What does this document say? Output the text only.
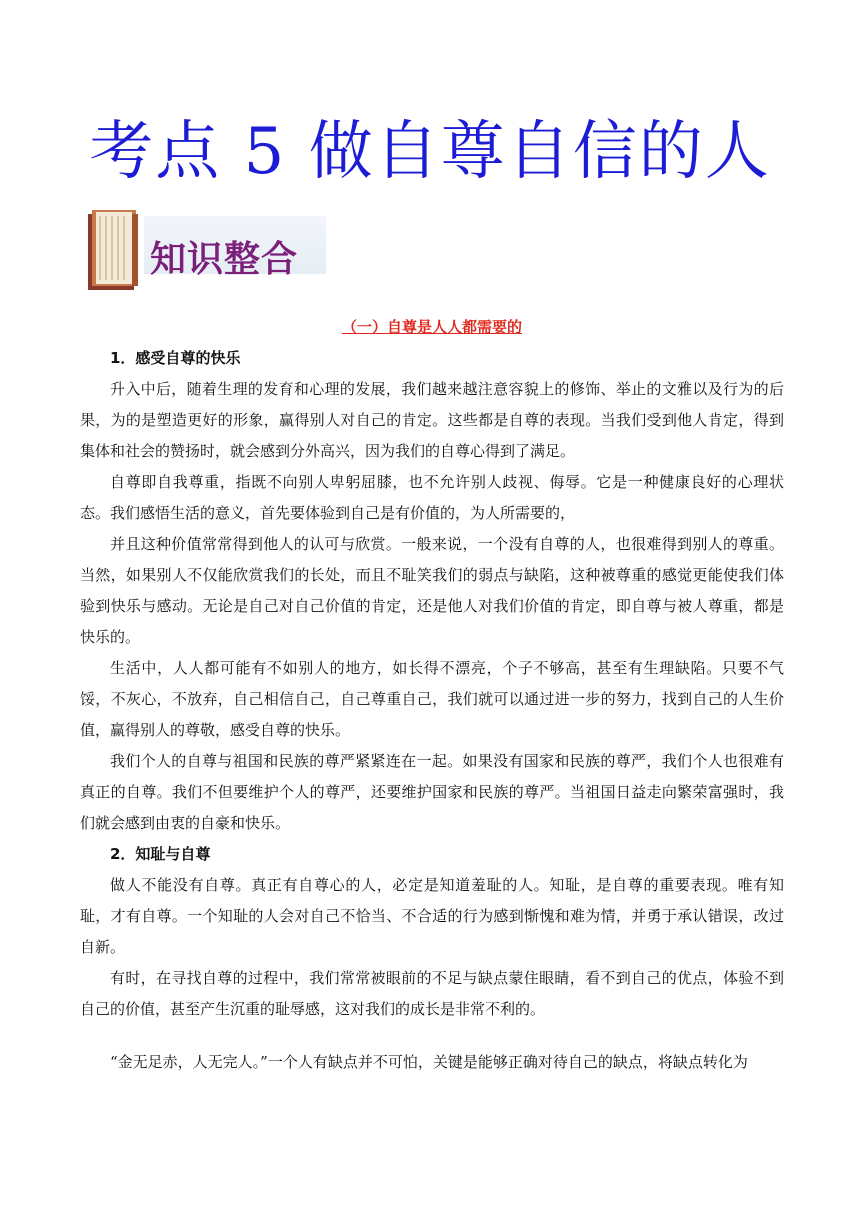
考点 5 做自尊自信的人
知识整合

（一）自尊是人人都需要的

1．感受自尊的快乐

升入中后，随着生理的发育和心理的发展，我们越来越注意容貌上的修饰、举止的文雅以及行为的后果，为的是塑造更好的形象，赢得别人对自己的肯定。这些都是自尊的表现。当我们受到他人肯定，得到集体和社会的赞扬时，就会感到分外高兴，因为我们的自尊心得到了满足。

自尊即自我尊重，指既不向别人卑躬屈膝，也不允许别人歧视、侮辱。它是一种健康良好的心理状态。我们感悟生活的意义，首先要体验到自己是有价值的，为人所需要的，

并且这种价值常常得到他人的认可与欣赏。一般来说，一个没有自尊的人，也很难得到别人的尊重。当然，如果别人不仅能欣赏我们的长处，而且不耻笑我们的弱点与缺陷，这种被尊重的感觉更能使我们体验到快乐与感动。无论是自己对自己价值的肯定，还是他人对我们价值的肯定，即自尊与被人尊重，都是快乐的。

生活中，人人都可能有不如别人的地方，如长得不漂亮，个子不够高，甚至有生理缺陷。只要不气馁，不灰心，不放弃，自己相信自己，自己尊重自己，我们就可以通过进一步的努力，找到自己的人生价值，赢得别人的尊敬，感受自尊的快乐。

我们个人的自尊与祖国和民族的尊严紧紧连在一起。如果没有国家和民族的尊严，我们个人也很难有真正的自尊。我们不但要维护个人的尊严，还要维护国家和民族的尊严。当祖国日益走向繁荣富强时，我们就会感到由衷的自豪和快乐。

2．知耻与自尊

做人不能没有自尊。真正有自尊心的人，必定是知道羞耻的人。知耻，是自尊的重要表现。唯有知耻，才有自尊。一个知耻的人会对自己不恰当、不合适的行为感到惭愧和难为情，并勇于承认错误，改过自新。

有时，在寻找自尊的过程中，我们常常被眼前的不足与缺点蒙住眼睛，看不到自己的优点，体验不到自己的价值，甚至产生沉重的耻辱感，这对我们的成长是非常不利的。

“金无足赤，人无完人。”一个人有缺点并不可怕，关键是能够正确对待自己的缺点，将缺点转化为
